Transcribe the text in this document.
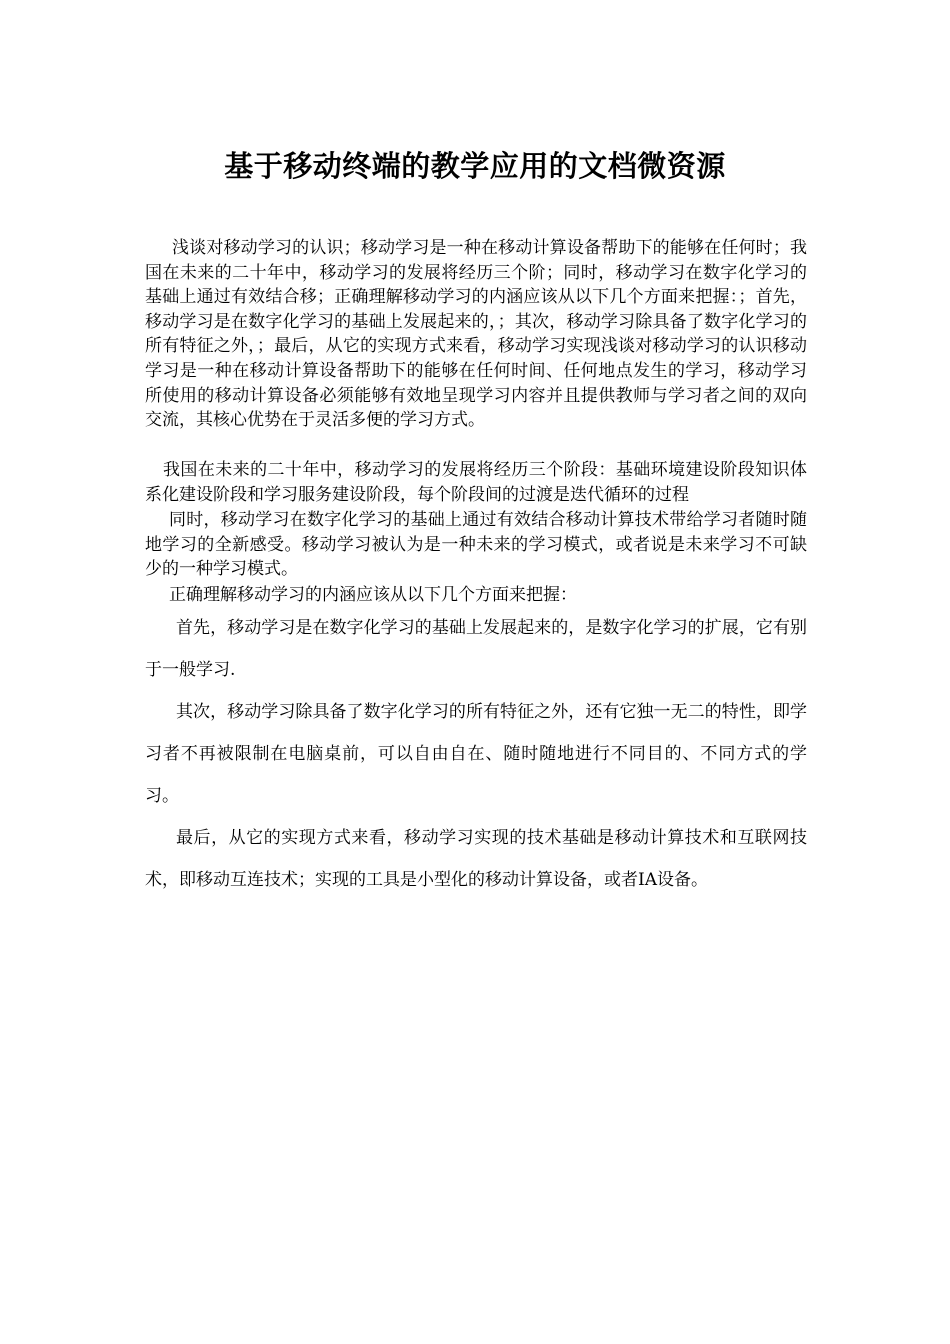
基于移动终端的教学应用的文档微资源

浅谈对移动学习的认识；移动学习是一种在移动计算设备帮助下的能够在任何时；我国在未来的二十年中，移动学习的发展将经历三个阶；同时，移动学习在数字化学习的基础上通过有效结合移；正确理解移动学习的内涵应该从以下几个方面来把握：；首先，移动学习是在数字化学习的基础上发展起来的，；其次，移动学习除具备了数字化学习的所有特征之外，；最后，从它的实现方式来看，移动学习实现浅谈对移动学习的认识移动学习是一种在移动计算设备帮助下的能够在任何时间、任何地点发生的学习，移动学习所使用的移动计算设备必须能够有效地呈现学习内容并且提供教师与学习者之间的双向交流，其核心优势在于灵活多便的学习方式。

我国在未来的二十年中，移动学习的发展将经历三个阶段：基础环境建设阶段知识体系化建设阶段和学习服务建设阶段，每个阶段间的过渡是迭代循环的过程

同时，移动学习在数字化学习的基础上通过有效结合移动计算技术带给学习者随时随地学习的全新感受。移动学习被认为是一种未来的学习模式，或者说是未来学习不可缺少的一种学习模式。

正确理解移动学习的内涵应该从以下几个方面来把握：

首先，移动学习是在数字化学习的基础上发展起来的，是数字化学习的扩展，它有别于一般学习.

其次，移动学习除具备了数字化学习的所有特征之外，还有它独一无二的特性，即学习者不再被限制在电脑桌前，可以自由自在、随时随地进行不同目的、不同方式的学习。

最后，从它的实现方式来看，移动学习实现的技术基础是移动计算技术和互联网技术，即移动互连技术；实现的工具是小型化的移动计算设备，或者IA设备。
